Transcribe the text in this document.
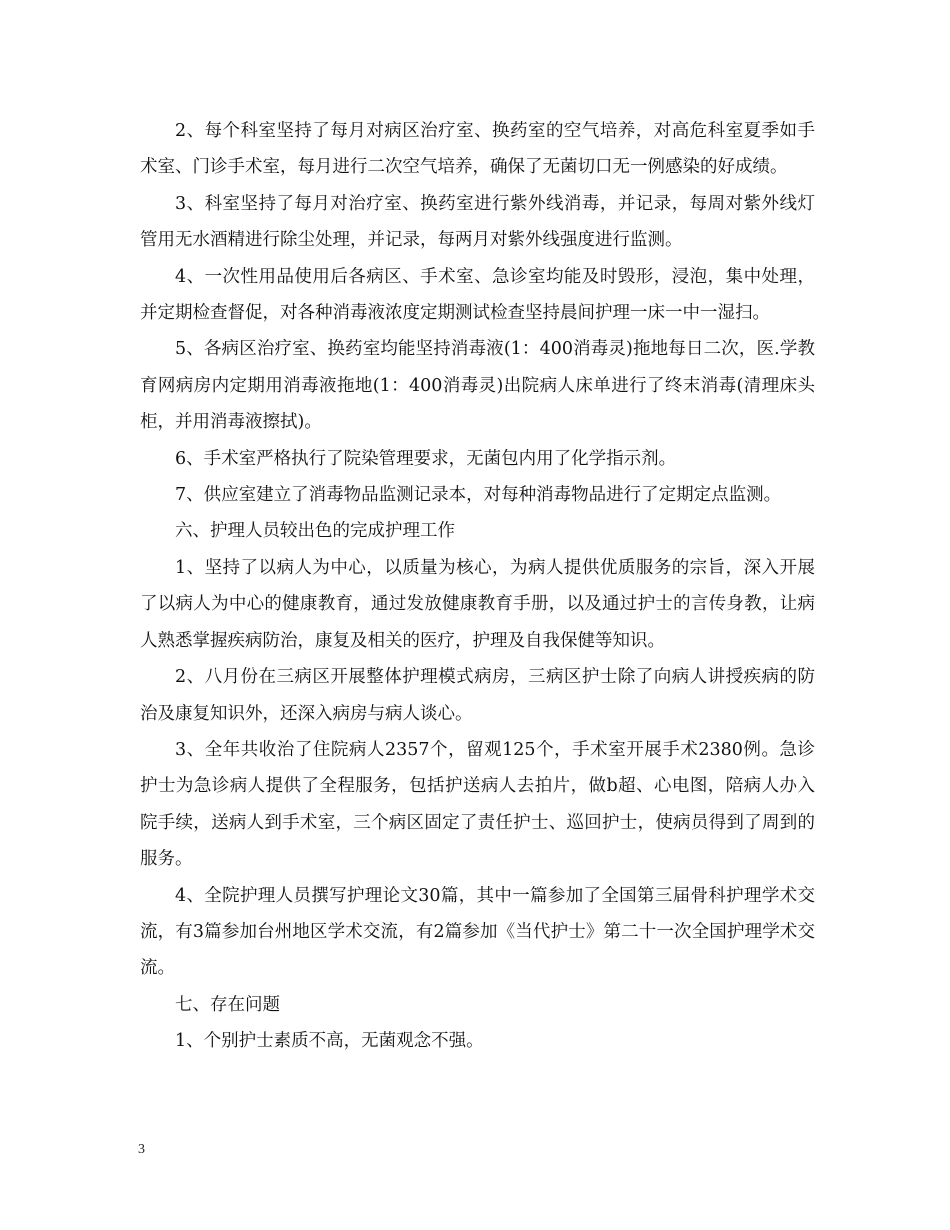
2、每个科室坚持了每月对病区治疗室、换药室的空气培养，对高危科室夏季如手术室、门诊手术室，每月进行二次空气培养，确保了无菌切口无一例感染的好成绩。

3、科室坚持了每月对治疗室、换药室进行紫外线消毒，并记录，每周对紫外线灯管用无水酒精进行除尘处理，并记录，每两月对紫外线强度进行监测。

4、一次性用品使用后各病区、手术室、急诊室均能及时毁形，浸泡，集中处理，并定期检查督促，对各种消毒液浓度定期测试检查坚持晨间护理一床一中一湿扫。

5、各病区治疗室、换药室均能坚持消毒液(1：400消毒灵)拖地每日二次，医.学教育网病房内定期用消毒液拖地(1：400消毒灵)出院病人床单进行了终末消毒(清理床头柜，并用消毒液擦拭)。

6、手术室严格执行了院染管理要求，无菌包内用了化学指示剂。

7、供应室建立了消毒物品监测记录本，对每种消毒物品进行了定期定点监测。

六、护理人员较出色的完成护理工作

1、坚持了以病人为中心，以质量为核心，为病人提供优质服务的宗旨，深入开展了以病人为中心的健康教育，通过发放健康教育手册，以及通过护士的言传身教，让病人熟悉掌握疾病防治，康复及相关的医疗，护理及自我保健等知识。

2、八月份在三病区开展整体护理模式病房，三病区护士除了向病人讲授疾病的防治及康复知识外，还深入病房与病人谈心。

3、全年共收治了住院病人2357个，留观125个，手术室开展手术2380例。急诊护士为急诊病人提供了全程服务，包括护送病人去拍片，做b超、心电图，陪病人办入院手续，送病人到手术室，三个病区固定了责任护士、巡回护士，使病员得到了周到的服务。

4、全院护理人员撰写护理论文30篇，其中一篇参加了全国第三届骨科护理学术交流，有3篇参加台州地区学术交流，有2篇参加《当代护士》第二十一次全国护理学术交流。

七、存在问题

1、个别护士素质不高，无菌观念不强。

3
